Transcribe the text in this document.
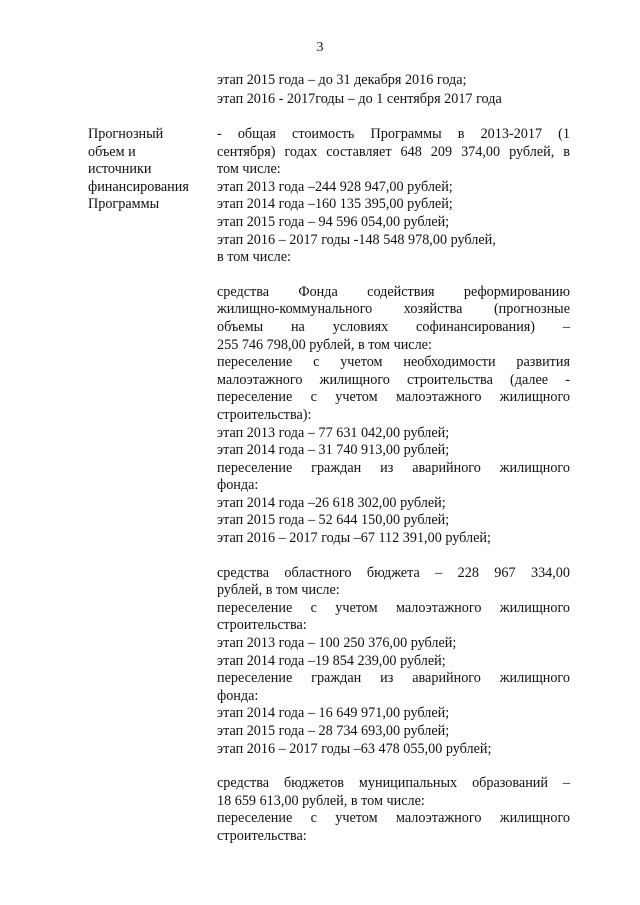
3
этап 2015 года – до 31 декабря 2016 года;
этап 2016 - 2017годы – до 1 сентября 2017 года
Прогнозный
объем и
источники
финансирования
Программы
- общая стоимость Программы в 2013-2017 (1
сентября) годах составляет 648 209 374,00 рублей, в
том числе:
этап 2013 года –244 928 947,00 рублей;
этап 2014 года –160 135 395,00 рублей;
этап 2015 года – 94 596 054,00 рублей;
этап 2016 – 2017 годы -148 548 978,00 рублей,
в том числе:
средства Фонда содействия реформированию
жилищно-коммунального хозяйства (прогнозные
объемы на условиях софинансирования) –
255 746 798,00 рублей, в том числе:
переселение с учетом необходимости развития
малоэтажного жилищного строительства (далее -
переселение с учетом малоэтажного жилищного
строительства):
этап 2013 года – 77 631 042,00 рублей;
этап 2014 года – 31 740 913,00 рублей;
переселение граждан из аварийного жилищного
фонда:
этап 2014 года –26 618 302,00 рублей;
этап 2015 года – 52 644 150,00 рублей;
этап 2016 – 2017 годы –67 112 391,00 рублей;
средства областного бюджета – 228 967 334,00
рублей, в том числе:
переселение с учетом малоэтажного жилищного
строительства:
этап 2013 года – 100 250 376,00 рублей;
этап 2014 года –19 854 239,00 рублей;
переселение граждан из аварийного жилищного
фонда:
этап 2014 года – 16 649 971,00 рублей;
этап 2015 года – 28 734 693,00 рублей;
этап 2016 – 2017 годы –63 478 055,00 рублей;
средства бюджетов муниципальных образований –
18 659 613,00 рублей, в том числе:
переселение с учетом малоэтажного жилищного
строительства:
